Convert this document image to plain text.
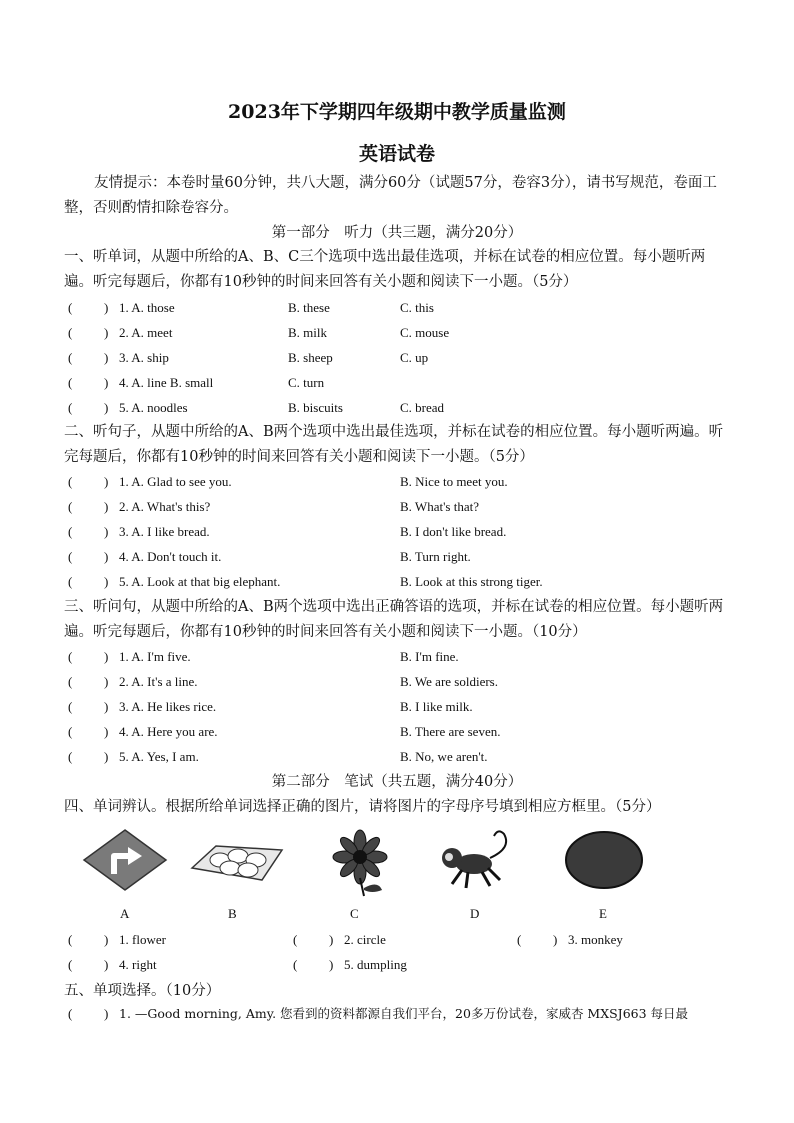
2023年下学期四年级期中教学质量监测
英语试卷
友情提示：本卷时量60分钟，共八大题，满分60分（试题57分，卷容3分），请书写规范，卷面工整，否则酌情扣除卷容分。
第一部分　听力（共三题，满分20分）
一、听单词，从题中所给的A、B、C三个选项中选出最佳选项，并标在试卷的相应位置。每小题听两遍。听完每题后，你都有10秒钟的时间来回答有关小题和阅读下一小题。（5分）
( ) 1. A. those	B. these	C. this
( ) 2. A. meet	B. milk	C. mouse
( ) 3. A. ship	B. sheep	C. up
( ) 4. A. line B. small	C. turn
( ) 5. A. noodles	B. biscuits	C. bread
二、听句子，从题中所给的A、B两个选项中选出最佳选项，并标在试卷的相应位置。每小题听两遍。听完每题后，你都有10秒钟的时间来回答有关小题和阅读下一小题。（5分）
( ) 1. A. Glad to see you.	B. Nice to meet you.
( ) 2. A. What's this?	B. What's that?
( ) 3. A. I like bread.	B. I don't like bread.
( ) 4. A. Don't touch it.	B. Turn right.
( ) 5. A. Look at that big elephant.	B. Look at this strong tiger.
三、听问句，从题中所给的A、B两个选项中选出正确答语的选项，并标在试卷的相应位置。每小题听两遍。听完每题后，你都有10秒钟的时间来回答有关小题和阅读下一小题。（10分）
( ) 1. A. I'm five.	B. I'm fine.
( ) 2. A. It's a line.	B. We are soldiers.
( ) 3. A. He likes rice.	B. I like milk.
( ) 4. A. Here you are.	B. There are seven.
( ) 5. A. Yes, I am.	B. No, we aren't.
第二部分　笔试（共五题，满分40分）
四、单词辨认。根据所给单词选择正确的图片，请将图片的字母序号填到相应方框里。（5分）
A	B	C	D	E
( ) 1. flower	( ) 2. circle	( ) 3. monkey
( ) 4. right	( ) 5. dumpling
五、单项选择。（10分）
( ) 1. —Good morning, Amy. 您看到的资料都源自我们平台，20多万份试卷，家威杏 MXSJ663 每日最
